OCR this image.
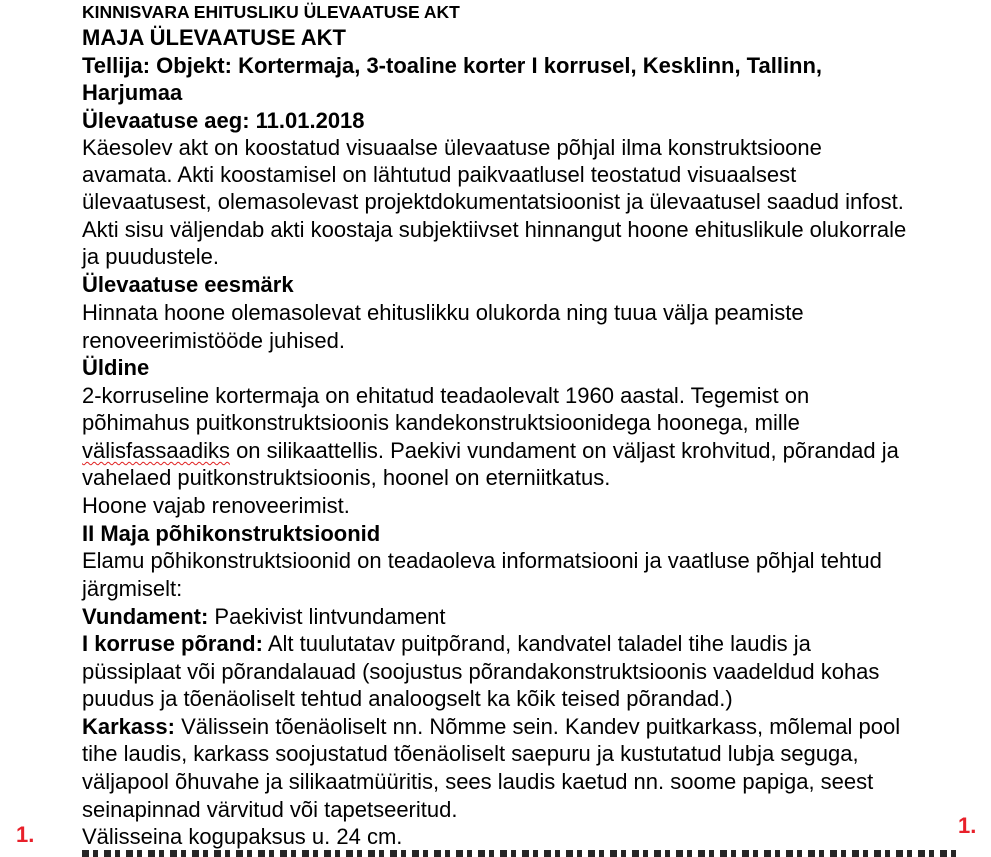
KINNISVARA EHITUSLIKU ÜLEVAATUSE AKT
MAJA ÜLEVAATUSE AKT
Tellija: Objekt: Kortermaja, 3-toaline korter I korrusel, Kesklinn, Tallinn,
Harjumaa
Ülevaatuse aeg: 11.01.2018
Käesolev akt on koostatud visuaalse ülevaatuse põhjal ilma konstruktsioone
avamata. Akti koostamisel on lähtutud paikvaatlusel teostatud visuaalsest
ülevaatusest, olemasolevast projektdokumentatsioonist ja ülevaatusel saadud infost.
Akti sisu väljendab akti koostaja subjektiivset hinnangut hoone ehituslikule olukorrale
ja puudustele.
Ülevaatuse eesmärk
Hinnata hoone olemasolevat ehituslikku olukorda ning tuua välja peamiste
renoveerimistööde juhised.
Üldine
2-korruseline kortermaja on ehitatud teadaolevalt 1960 aastal. Tegemist on
põhimahus puitkonstruktsioonis kandekonstruktsioonidega hoonega, mille
välisfassaadiks on silikaattellis. Paekivi vundament on väljast krohvitud, põrandad ja
vahelaed puitkonstruktsioonis, hoonel on eterniitkatus.
Hoone vajab renoveerimist.
II Maja põhikonstruktsioonid
Elamu põhikonstruktsioonid on teadaoleva informatsiooni ja vaatluse põhjal tehtud
järgmiselt:
Vundament: Paekivist lintvundament
I korruse põrand: Alt tuulutatav puitpõrand, kandvatel taladel tihe laudis ja
püssiplaat või põrandalauad (soojustus põrandakonstruktsioonis vaadeldud kohas
puudus ja tõenäoliselt tehtud analoogselt ka kõik teised põrandad.)
Karkass: Välissein tõenäoliselt nn. Nõmme sein. Kandev puitkarkass, mõlemal pool
tihe laudis, karkass soojustatud tõenäoliselt saepuru ja kustutatud lubja seguga,
väljapool õhuvahe ja silikaatmüüritis, sees laudis kaetud nn. soome papiga, seest
seinapinnad värvitud või tapetseeritud.
Välisseina kogupaksus u. 24 cm.
1.	1.
